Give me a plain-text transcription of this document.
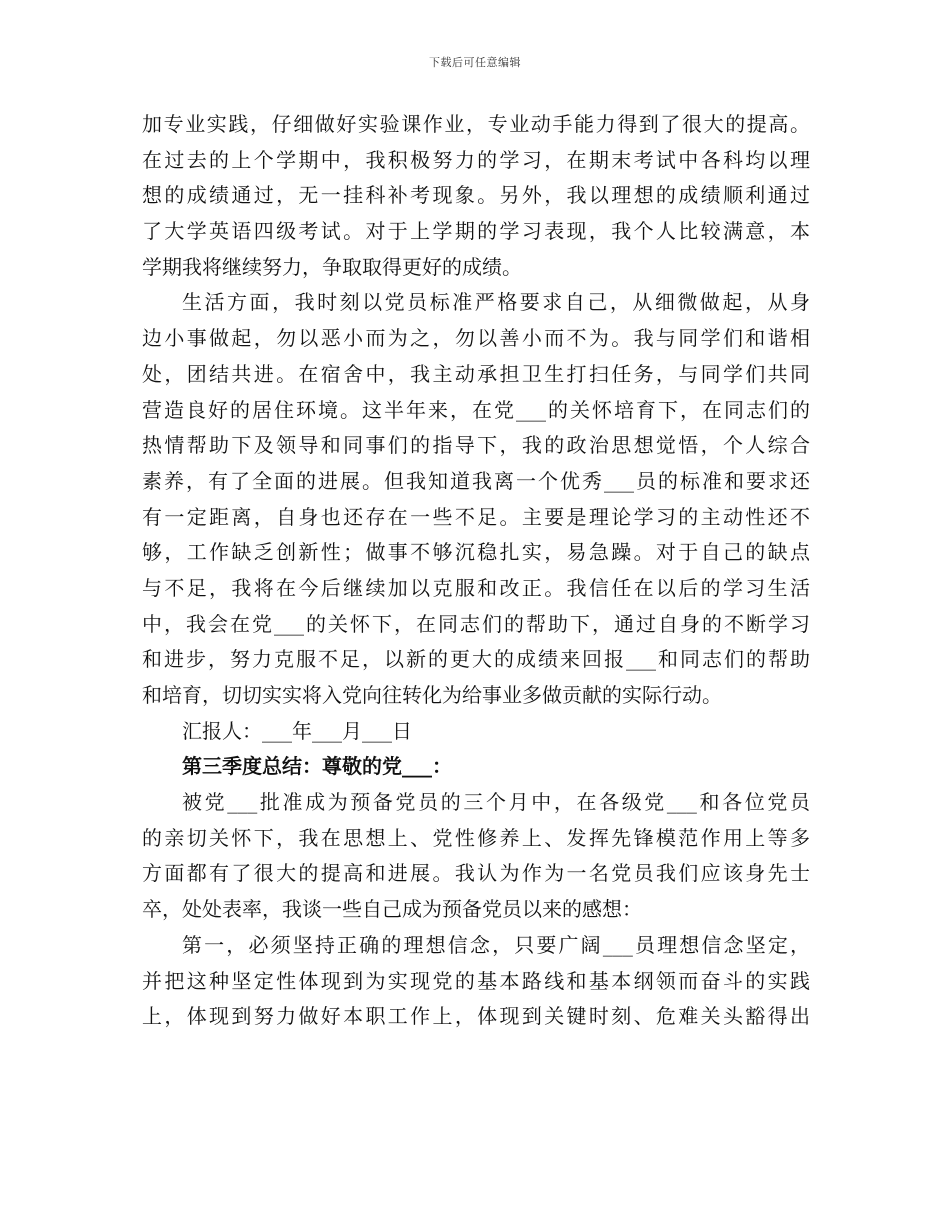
下载后可任意编辑
加专业实践，仔细做好实验课作业，专业动手能力得到了很大的提高。
在过去的上个学期中，我积极努力的学习，在期末考试中各科均以理
想的成绩通过，无一挂科补考现象。另外，我以理想的成绩顺利通过
了大学英语四级考试。对于上学期的学习表现，我个人比较满意，本
学期我将继续努力，争取取得更好的成绩。
生活方面，我时刻以党员标准严格要求自己，从细微做起，从身
边小事做起，勿以恶小而为之，勿以善小而不为。我与同学们和谐相
处，团结共进。在宿舍中，我主动承担卫生打扫任务，与同学们共同
营造良好的居住环境。这半年来，在党___的关怀培育下，在同志们的
热情帮助下及领导和同事们的指导下，我的政治思想觉悟，个人综合
素养，有了全面的进展。但我知道我离一个优秀___员的标准和要求还
有一定距离，自身也还存在一些不足。主要是理论学习的主动性还不
够，工作缺乏创新性；做事不够沉稳扎实，易急躁。对于自己的缺点
与不足，我将在今后继续加以克服和改正。我信任在以后的学习生活
中，我会在党___的关怀下，在同志们的帮助下，通过自身的不断学习
和进步，努力克服不足，以新的更大的成绩来回报___和同志们的帮助
和培育，切切实实将入党向往转化为给事业多做贡献的实际行动。
汇报人：___年___月___日
第三季度总结：尊敬的党___：
被党___批准成为预备党员的三个月中，在各级党___和各位党员
的亲切关怀下，我在思想上、党性修养上、发挥先锋模范作用上等多
方面都有了很大的提高和进展。我认为作为一名党员我们应该身先士
卒，处处表率，我谈一些自己成为预备党员以来的感想：
第一，必须坚持正确的理想信念，只要广阔___员理想信念坚定，
并把这种坚定性体现到为实现党的基本路线和基本纲领而奋斗的实践
上，体现到努力做好本职工作上，体现到关键时刻、危难关头豁得出
